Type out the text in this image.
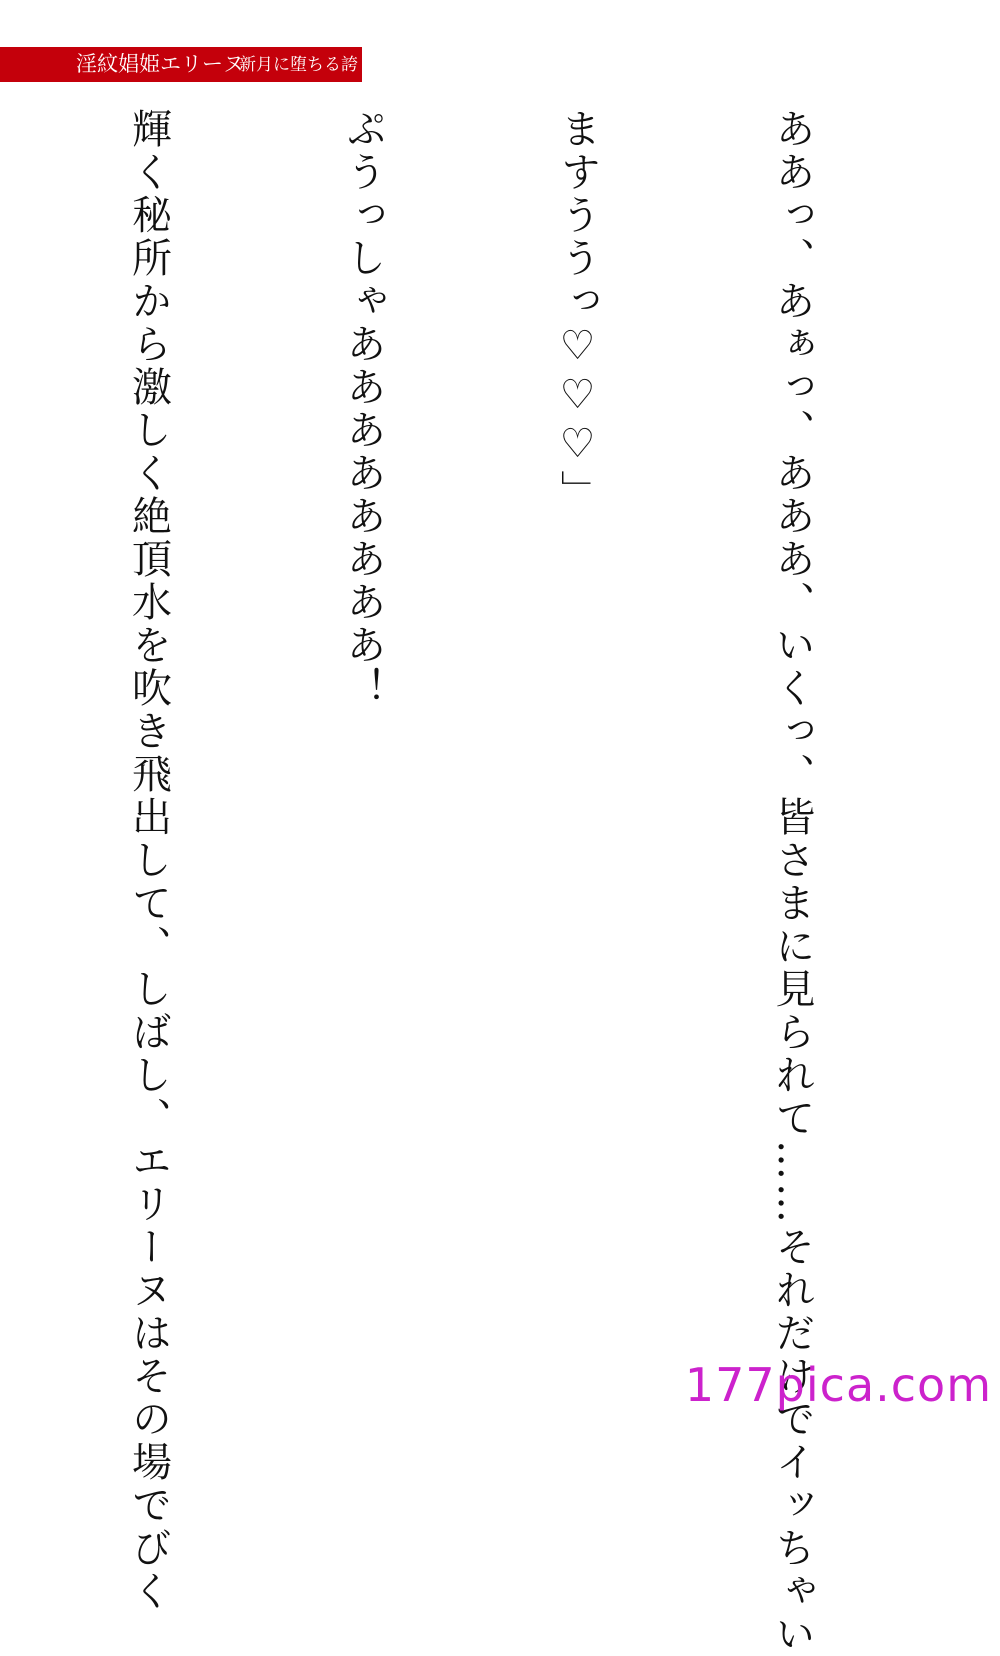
淫紋娼姫エリーヌ
新月に堕ちる誇り

ああっ、あぁっ、あああ、いくっ、皆さまに見られて……それだけでイッちゃい

ますううっ♡♡♡」

ぷうっしゃああああああああ！

輝く秘所から激しく絶頂水を吹き飛出して、しばし、エリーヌはその場でびく

	177pica.com
